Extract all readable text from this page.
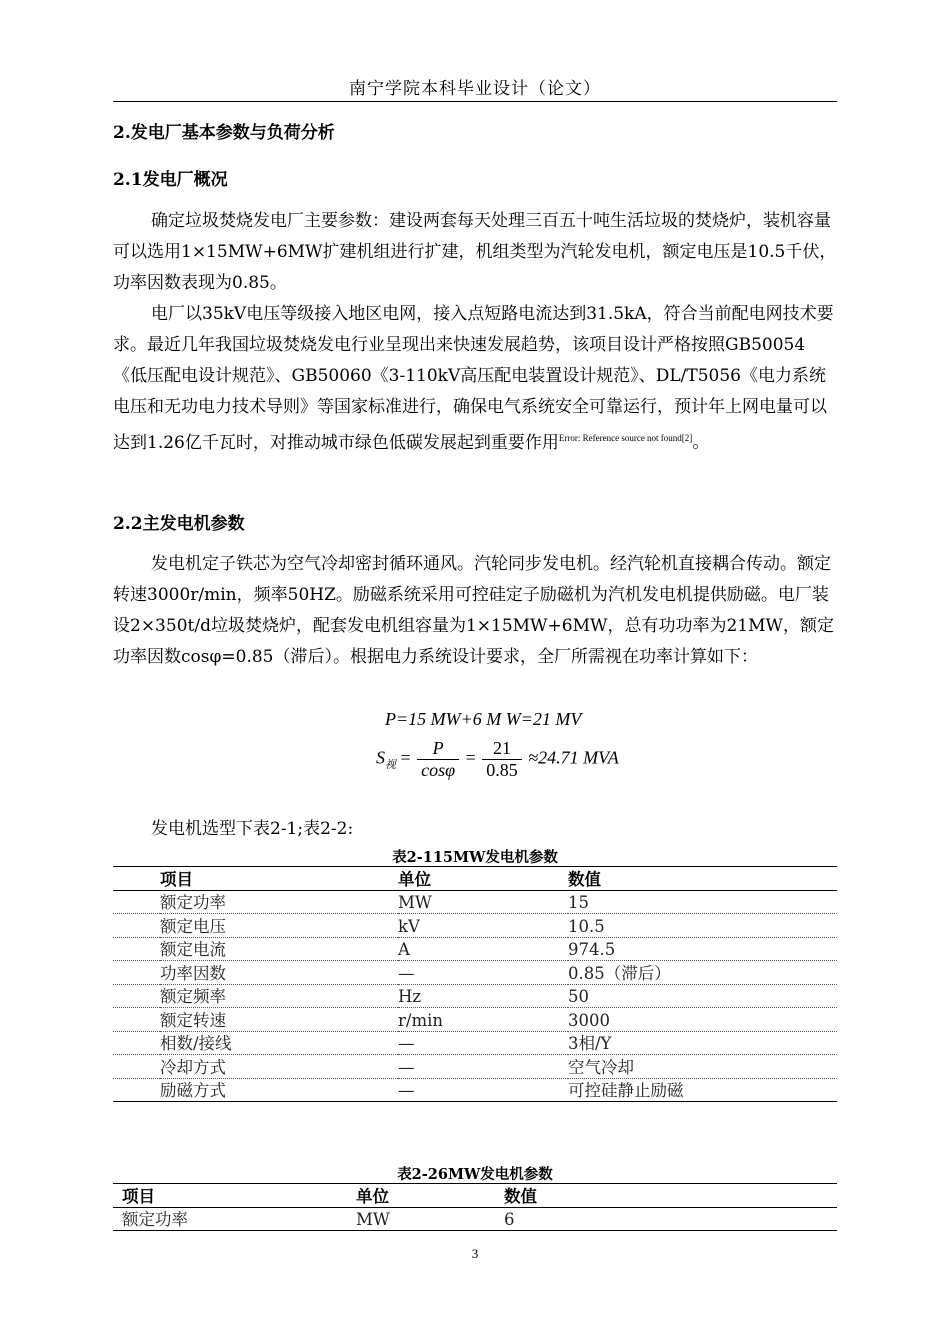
南宁学院本科毕业设计（论文）
2.发电厂基本参数与负荷分析
2.1发电厂概况
确定垃圾焚烧发电厂主要参数：建设两套每天处理三百五十吨生活垃圾的焚烧炉，装机容量可以选用1×15MW+6MW扩建机组进行扩建，机组类型为汽轮发电机，额定电压是10.5千伏，功率因数表现为0.85。
电厂以35kV电压等级接入地区电网，接入点短路电流达到31.5kA，符合当前配电网技术要求。最近几年我国垃圾焚烧发电行业呈现出来快速发展趋势，该项目设计严格按照GB50054《低压配电设计规范》、GB50060《3-110kV高压配电装置设计规范》、DL/T5056《电力系统电压和无功电力技术导则》等国家标准进行，确保电气系统安全可靠运行，预计年上网电量可以达到1.26亿千瓦时，对推动城市绿色低碳发展起到重要作用$^{Error: Reference source not found[2]}$。
2.2主发电机参数
发电机定子铁芯为空气冷却密封循环通风。汽轮同步发电机。经汽轮机直接耦合传动。额定转速3000r/min，频率50HZ。励磁系统采用可控硅定子励磁机为汽机发电机提供励磁。电厂装设2×350t/d垃圾焚烧炉，配套发电机组容量为1×15MW+6MW，总有功功率为21MW，额定功率因数cosφ=0.85（滞后）。根据电力系统设计要求，全厂所需视在功率计算如下：
P=15 MW+6 M W=21 MV
$S_视 = \frac{P}{\cos\varphi} = \frac{21}{0.85} \approx 24.71$ MVA
发电机选型下表2-1;表2-2:
表2-115MW发电机参数
	项目	单位	数值
	额定功率	MW	15
	额定电压	kV	10.5
	额定电流	A	974.5
	功率因数	—	0.85（滞后）
	额定频率	Hz	50
	额定转速	r/min	3000
	相数/接线	—	3相/Y
	冷却方式	—	空气冷却
	励磁方式	—	可控硅静止励磁
表2-26MW发电机参数
	项目	单位	数值
	额定功率	MW	6
3
